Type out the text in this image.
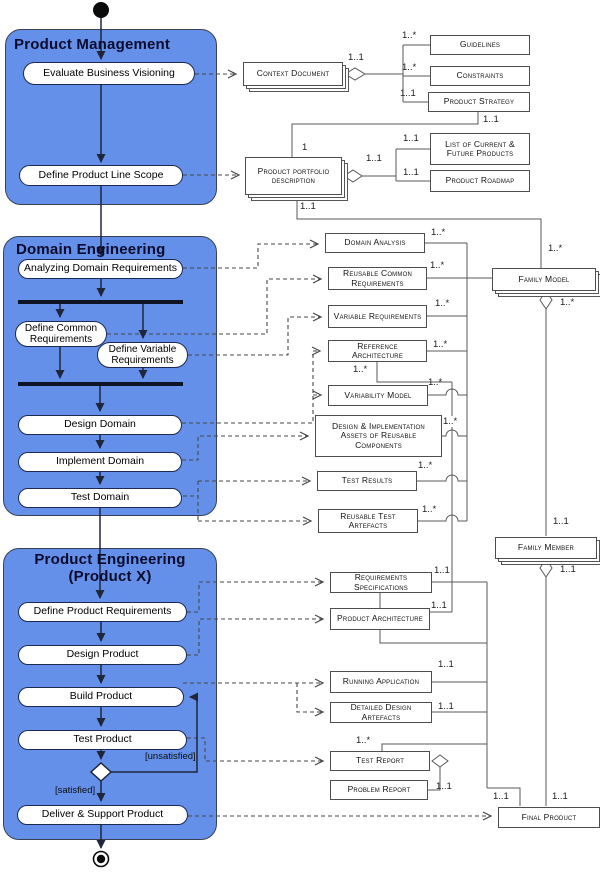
Product Management
Domain Engineering
Product Engineering
(Product X)
Evaluate Business Visioning
Define Product Line Scope
Analyzing Domain Requirements
Define Common Requirements
Define Variable Requirements
Design Domain
Implement Domain
Test Domain
Define Product Requirements
Design Product
Build Product
Test Product
Deliver & Support Product
[unsatisfied]
[satisfied]
Context Document
Guidelines
Constraints
Product Strategy
List of Current & Future Products
Product Roadmap
Product portfolio description
Domain Analysis
Reusable Common Requirements
Variable Requirements
Reference Architecture
Variability Model
Design & Implementation Assets of Reusable Components
Test Results
Reusable Test Artefacts
Family Model
Family Member
Requirements Specifications
Product Architecture
Running Application
Detailed Design Artefacts
Test Report
Problem Report
Final Product
1..1
1..*
1..*
1..1
1..1
1
1..1
1..1
1..1
1..1
1..*
1..*
1..*
1..*
1..*
1..*
1..*
1..*
1..*
1..*
1..*
1..1
1..1
1..1
1..1
1..1
1..1
1..*
1..1
1..1	1..1
